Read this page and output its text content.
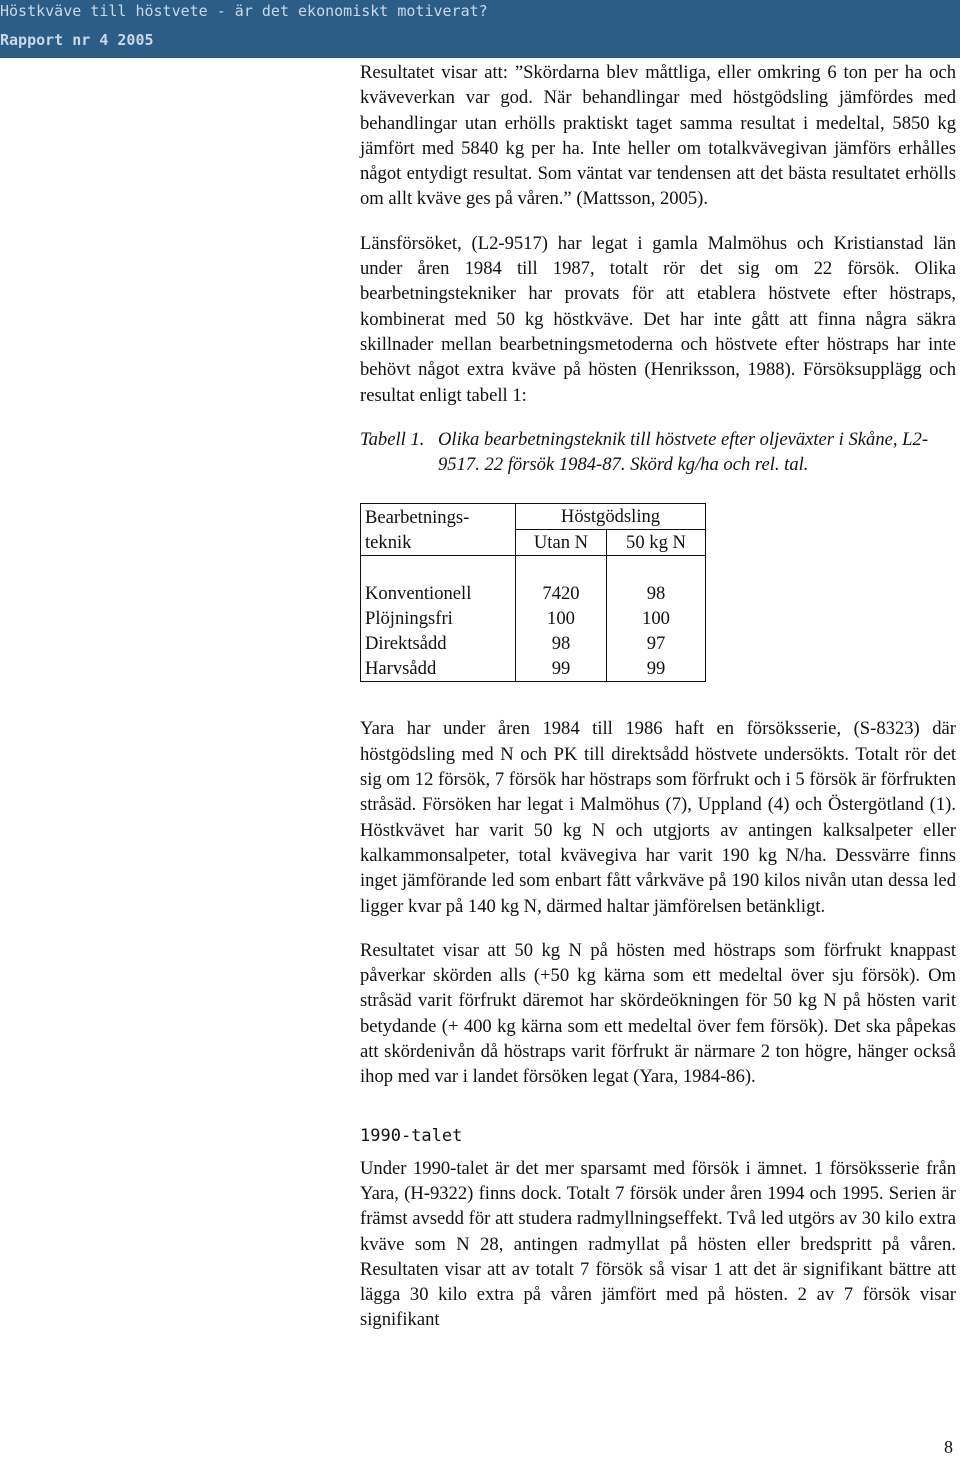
Höstkväve till höstvete - är det ekonomiskt motiverat?
Rapport nr 4 2005

Resultatet visar att: ”Skördarna blev måttliga, eller omkring 6 ton per ha och kväveverkan var god. När behandlingar med höstgödsling jämfördes med behandlingar utan erhölls praktiskt taget samma resultat i medeltal, 5850 kg jämfört med 5840 kg per ha. Inte heller om totalkvävegivan jämförs erhålles något entydigt resultat. Som väntat var tendensen att det bästa resultatet erhölls om allt kväve ges på våren.” (Mattsson, 2005).

Länsförsöket, (L2-9517) har legat i gamla Malmöhus och Kristianstad län under åren 1984 till 1987, totalt rör det sig om 22 försök. Olika bearbetningstekniker har provats för att etablera höstvete efter höstraps, kombinerat med 50 kg höstkväve. Det har inte gått att finna några säkra skillnader mellan bearbetningsmetoderna och höstvete efter höstraps har inte behövt något extra kväve på hösten (Henriksson, 1988). Försöksupplägg och resultat enligt tabell 1:

Tabell 1. Olika bearbetningsteknik till höstvete efter oljeväxter i Skåne, L2-9517. 22 försök 1984-87. Skörd kg/ha och rel. tal.
Bearbetnings-	Höstgödsling	
teknik	Utan N	50 kg N

Konventionell	7420	98
Plöjningsfri	100	100
Direktsådd	98	97
Harvsådd	99	99

Yara har under åren 1984 till 1986 haft en försöksserie, (S-8323) där höstgödsling med N och PK till direktsådd höstvete undersökts. Totalt rör det sig om 12 försök, 7 försök har höstraps som förfrukt och i 5 försök är förfrukten stråsäd. Försöken har legat i Malmöhus (7), Uppland (4) och Östergötland (1). Höstkvävet har varit 50 kg N och utgjorts av antingen kalksalpeter eller kalkammonsalpeter, total kvävegiva har varit 190 kg N/ha. Dessvärre finns inget jämförande led som enbart fått vårkväve på 190 kilos nivån utan dessa led ligger kvar på 140 kg N, därmed haltar jämförelsen betänkligt.

Resultatet visar att 50 kg N på hösten med höstraps som förfrukt knappast påverkar skörden alls (+50 kg kärna som ett medeltal över sju försök). Om stråsäd varit förfrukt däremot har skördeökningen för 50 kg N på hösten varit betydande (+ 400 kg kärna som ett medeltal över fem försök). Det ska påpekas att skördenivån då höstraps varit förfrukt är närmare 2 ton högre, hänger också ihop med var i landet försöken legat (Yara, 1984-86).

1990-talet

Under 1990-talet är det mer sparsamt med försök i ämnet. 1 försöksserie från Yara, (H-9322) finns dock. Totalt 7 försök under åren 1994 och 1995. Serien är främst avsedd för att studera radmyllningseffekt. Två led utgörs av 30 kilo extra kväve som N 28, antingen radmyllat på hösten eller bredspritt på våren. Resultaten visar att av totalt 7 försök så visar 1 att det är signifikant bättre att lägga 30 kilo extra på våren jämfört med på hösten. 2 av 7 försök visar signifikant

8
